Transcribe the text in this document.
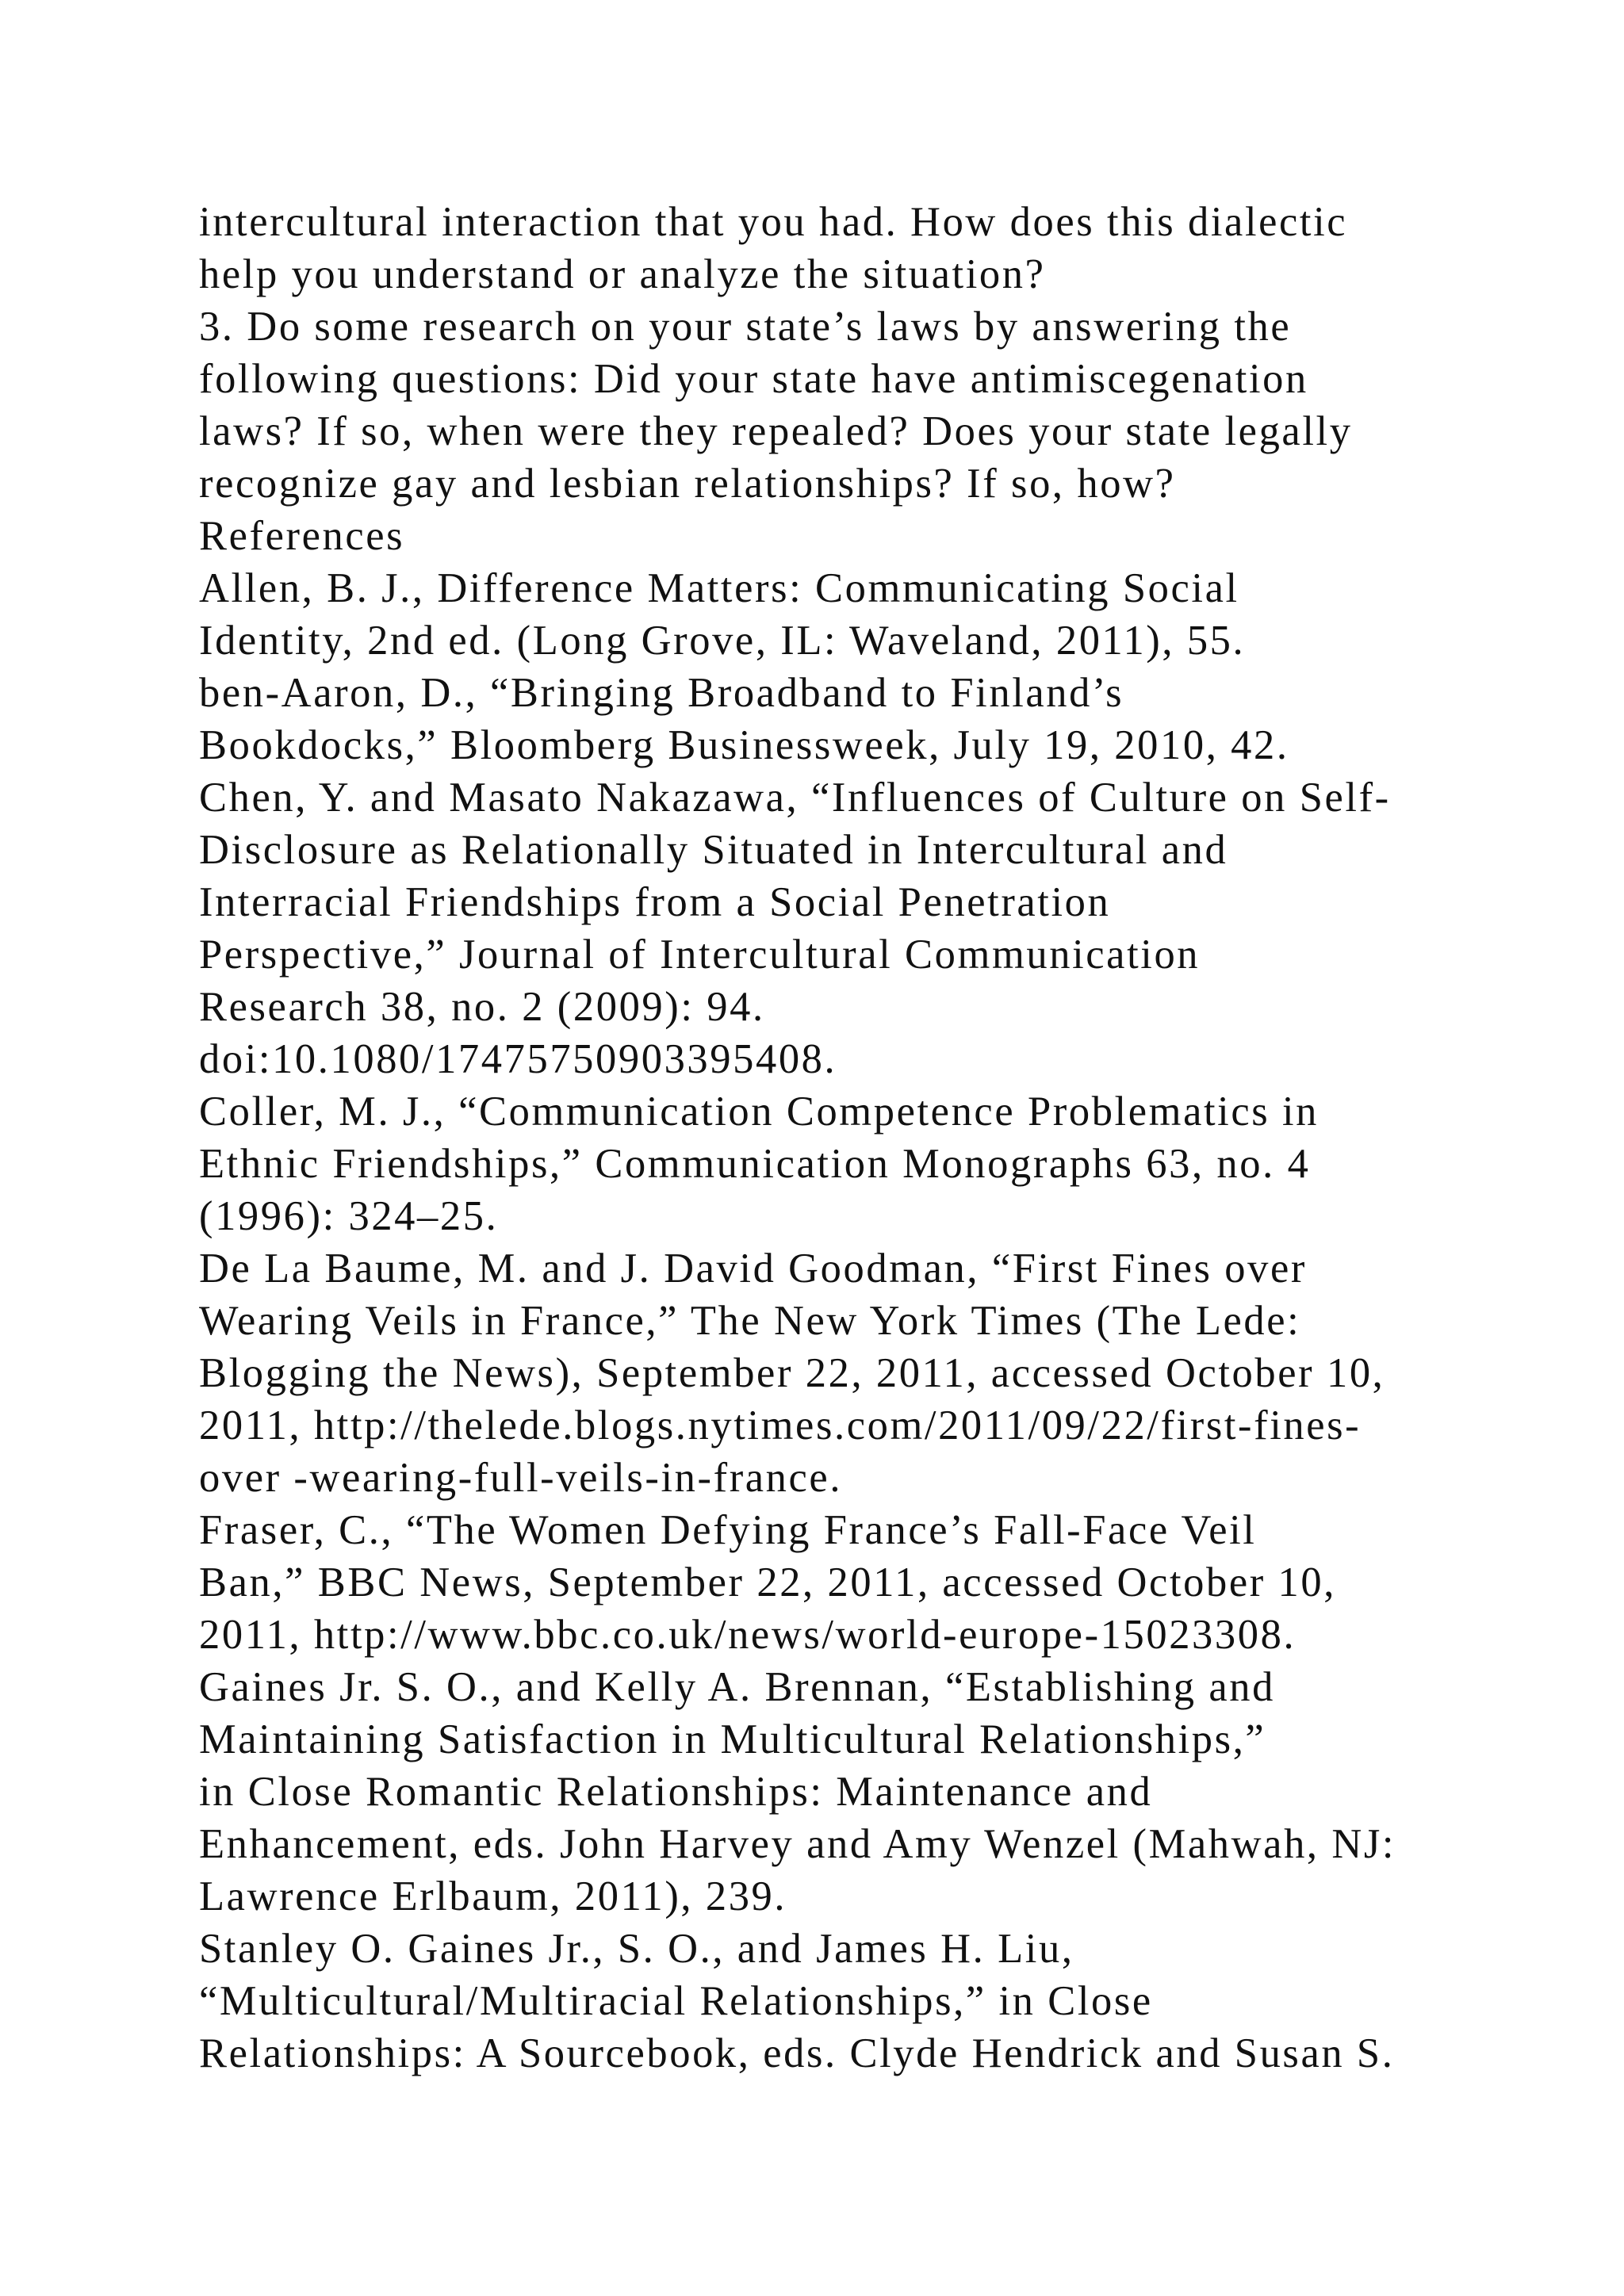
intercultural interaction that you had. How does this dialectic
help you understand or analyze the situation?
3. Do some research on your state’s laws by answering the
following questions: Did your state have antimiscegenation
laws? If so, when were they repealed? Does your state legally
recognize gay and lesbian relationships? If so, how?
References
Allen, B. J., Difference Matters: Communicating Social
Identity, 2nd ed. (Long Grove, IL: Waveland, 2011), 55.
ben-Aaron, D., “Bringing Broadband to Finland’s
Bookdocks,” Bloomberg Businessweek, July 19, 2010, 42.
Chen, Y. and Masato Nakazawa, “Influences of Culture on Self-
Disclosure as Relationally Situated in Intercultural and
Interracial Friendships from a Social Penetration
Perspective,” Journal of Intercultural Communication
Research 38, no. 2 (2009): 94.
doi:10.1080/17475750903395408.
Coller, M. J., “Communication Competence Problematics in
Ethnic Friendships,” Communication Monographs 63, no. 4
(1996): 324–25.
De La Baume, M. and J. David Goodman, “First Fines over
Wearing Veils in France,” The New York Times (The Lede:
Blogging the News), September 22, 2011, accessed October 10,
2011, http://thelede.blogs.nytimes.com/2011/09/22/first-fines-
over -wearing-full-veils-in-france.
Fraser, C., “The Women Defying France’s Fall-Face Veil
Ban,” BBC News, September 22, 2011, accessed October 10,
2011, http://www.bbc.co.uk/news/world-europe-15023308.
Gaines Jr. S. O., and Kelly A. Brennan, “Establishing and
Maintaining Satisfaction in Multicultural Relationships,”
in Close Romantic Relationships: Maintenance and
Enhancement, eds. John Harvey and Amy Wenzel (Mahwah, NJ:
Lawrence Erlbaum, 2011), 239.
Stanley O. Gaines Jr., S. O., and James H. Liu,
“Multicultural/Multiracial Relationships,” in Close
Relationships: A Sourcebook, eds. Clyde Hendrick and Susan S.
